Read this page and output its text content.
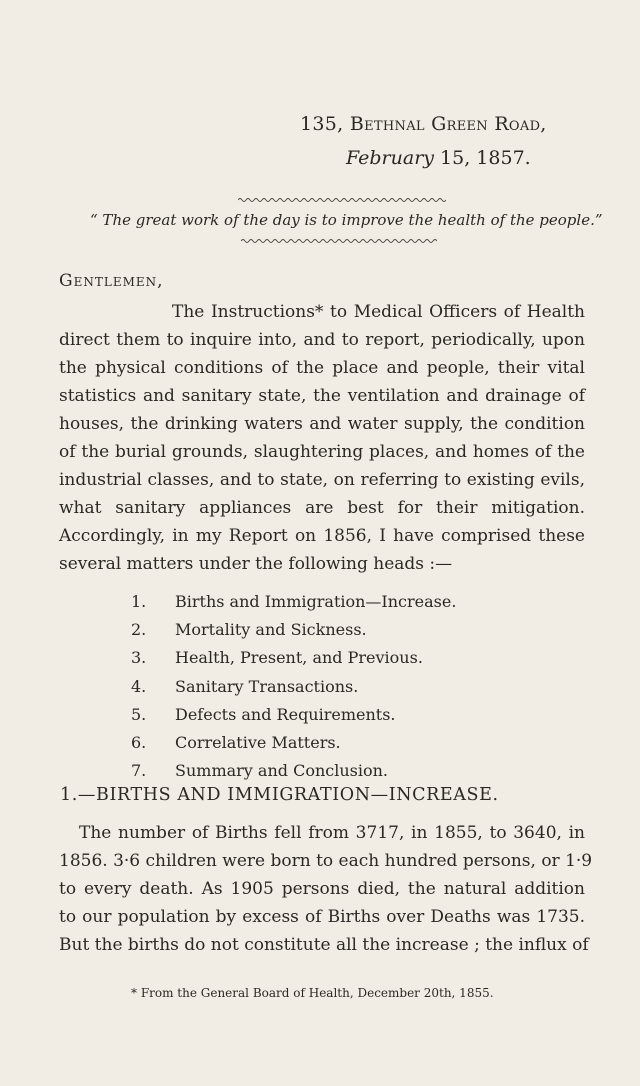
135, Bethnal Green Road,
February 15, 1857.
“ The great work of the day is to improve the health of the people.”
Gentlemen,
The Instructions* to Medical Officers of Health
direct them to inquire into, and to report, periodically, upon
the physical conditions of the place and people, their vital
statistics and sanitary state, the ventilation and drainage of
houses, the drinking waters and water supply, the condition
of the burial grounds, slaughtering places, and homes of the
industrial classes, and to state, on referring to existing evils,
what sanitary appliances are best for their mitigation.
Accordingly, in my Report on 1856, I have comprised these
several matters under the following heads :—
1. Births and Immigration—Increase.
2. Mortality and Sickness.
3. Health, Present, and Previous.
4. Sanitary Transactions.
5. Defects and Requirements.
6. Correlative Matters.
7. Summary and Conclusion.
1.—BIRTHS AND IMMIGRATION—INCREASE.
The number of Births fell from 3717, in 1855, to 3640, in
1856. 3·6 children were born to each hundred persons, or 1·9
to every death. As 1905 persons died, the natural addition
to our population by excess of Births over Deaths was 1735.
But the births do not constitute all the increase ; the influx of
* From the General Board of Health, December 20th, 1855.
